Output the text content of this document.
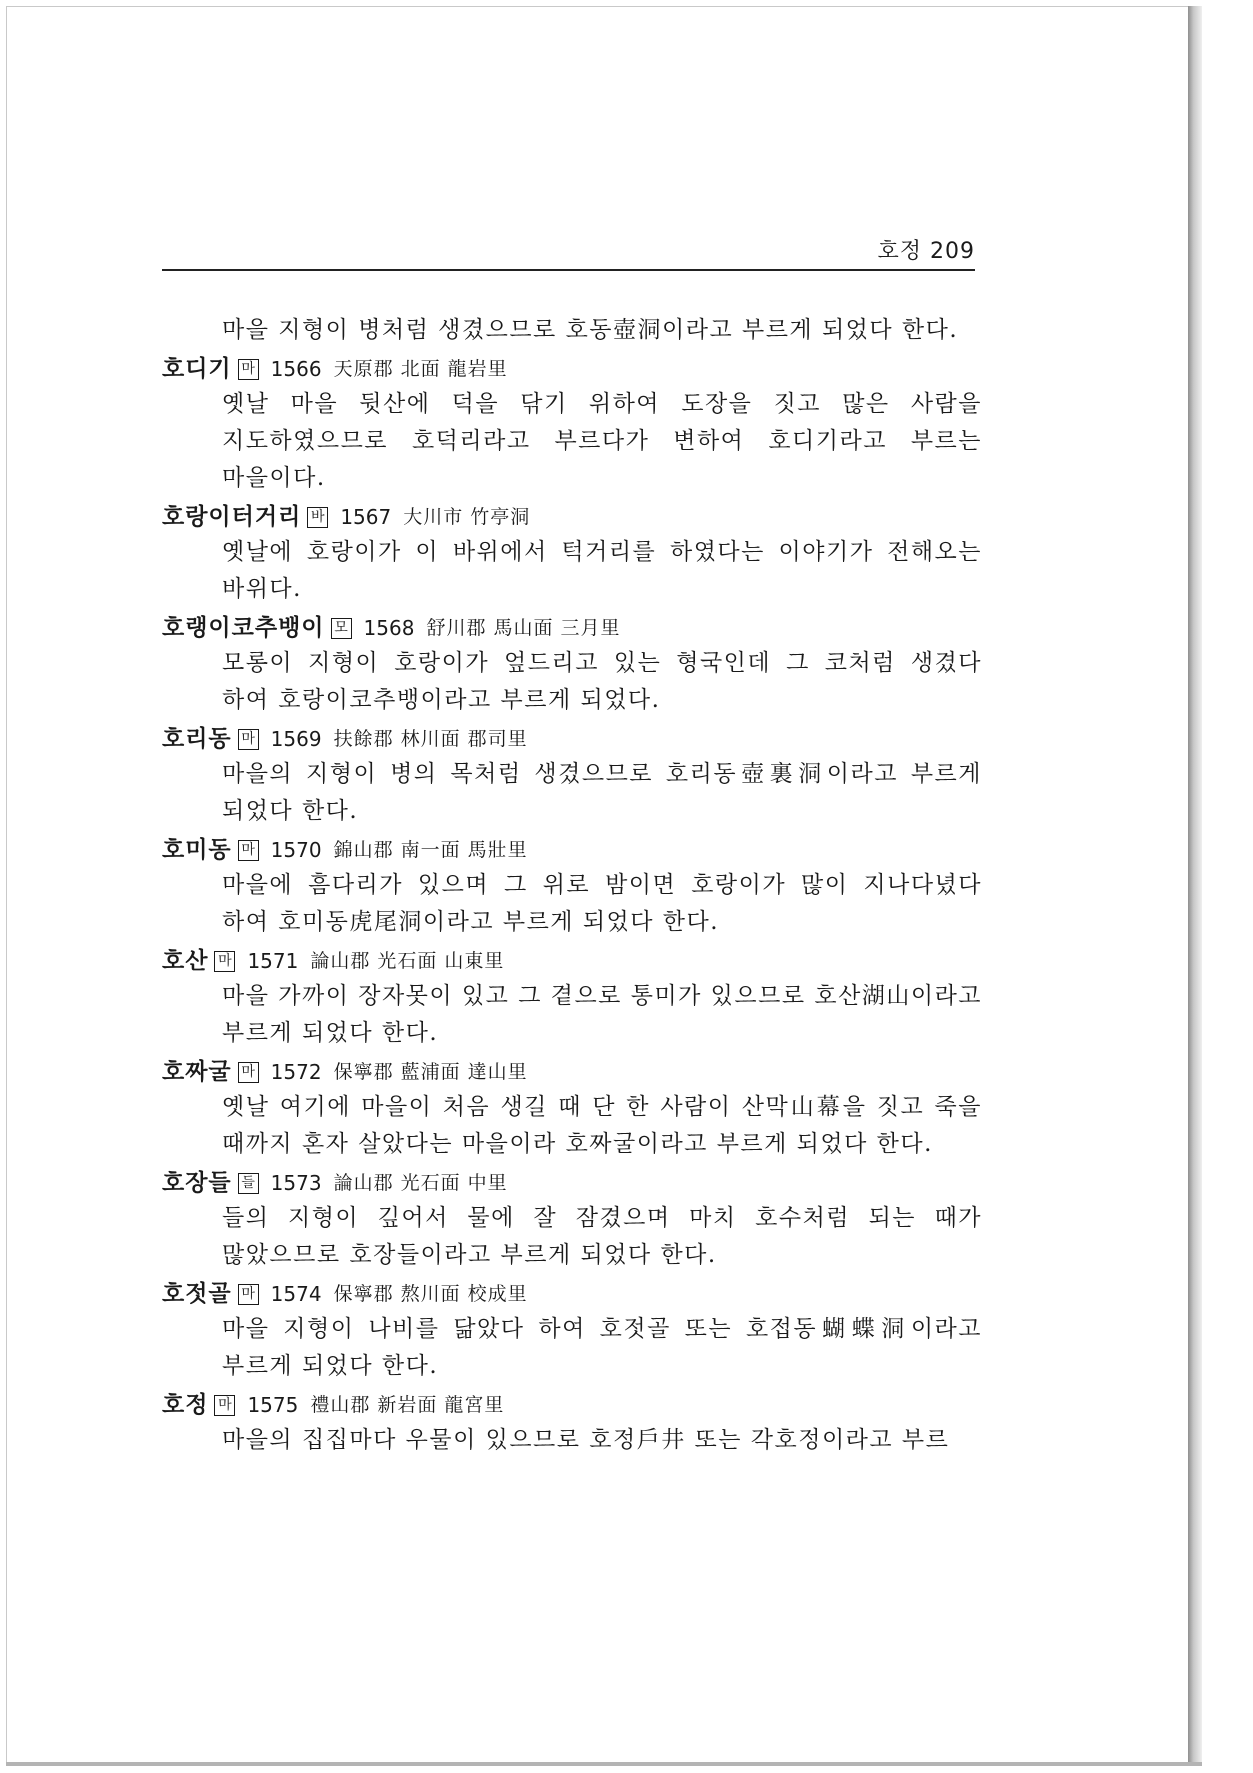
호정 209

마을 지형이 병처럼 생겼으므로 호동壺洞이라고 부르게 되었다 한다.

호디기 마 1566 天原郡 北面 龍岩里

옛날 마을 뒷산에 덕을 닦기 위하여 도장을 짓고 많은 사람을 지도하였으므로 호덕리라고 부르다가 변하여 호디기라고 부르는 마을이다.

호랑이터거리 바 1567 大川市 竹亭洞

옛날에 호랑이가 이 바위에서 턱거리를 하였다는 이야기가 전해오는 바위다.

호랭이코추뱅이 모 1568 舒川郡 馬山面 三月里

모롱이 지형이 호랑이가 엎드리고 있는 형국인데 그 코처럼 생겼다 하여 호랑이코추뱅이라고 부르게 되었다.

호리동 마 1569 扶餘郡 林川面 郡司里

마을의 지형이 병의 목처럼 생겼으므로 호리동壺裏洞이라고 부르게 되었다 한다.

호미동 마 1570 錦山郡 南一面 馬壯里

마을에 흠다리가 있으며 그 위로 밤이면 호랑이가 많이 지나다녔다 하여 호미동虎尾洞이라고 부르게 되었다 한다.

호산 마 1571 論山郡 光石面 山東里

마을 가까이 장자못이 있고 그 곁으로 통미가 있으므로 호산湖山이라고 부르게 되었다 한다.

호짜굴 마 1572 保寧郡 藍浦面 達山里

옛날 여기에 마을이 처음 생길 때 단 한 사람이 산막山幕을 짓고 죽을 때까지 혼자 살았다는 마을이라 호짜굴이라고 부르게 되었다 한다.

호장들 들 1573 論山郡 光石面 中里

들의 지형이 깊어서 물에 잘 잠겼으며 마치 호수처럼 되는 때가 많았으므로 호장들이라고 부르게 되었다 한다.

호젓골 마 1574 保寧郡 熬川面 校成里

마을 지형이 나비를 닮았다 하여 호젓골 또는 호접동蝴蝶洞이라고 부르게 되었다 한다.

호정 마 1575 禮山郡 新岩面 龍宮里

마을의 집집마다 우물이 있으므로 호정戶井 또는 각호정이라고 부르
